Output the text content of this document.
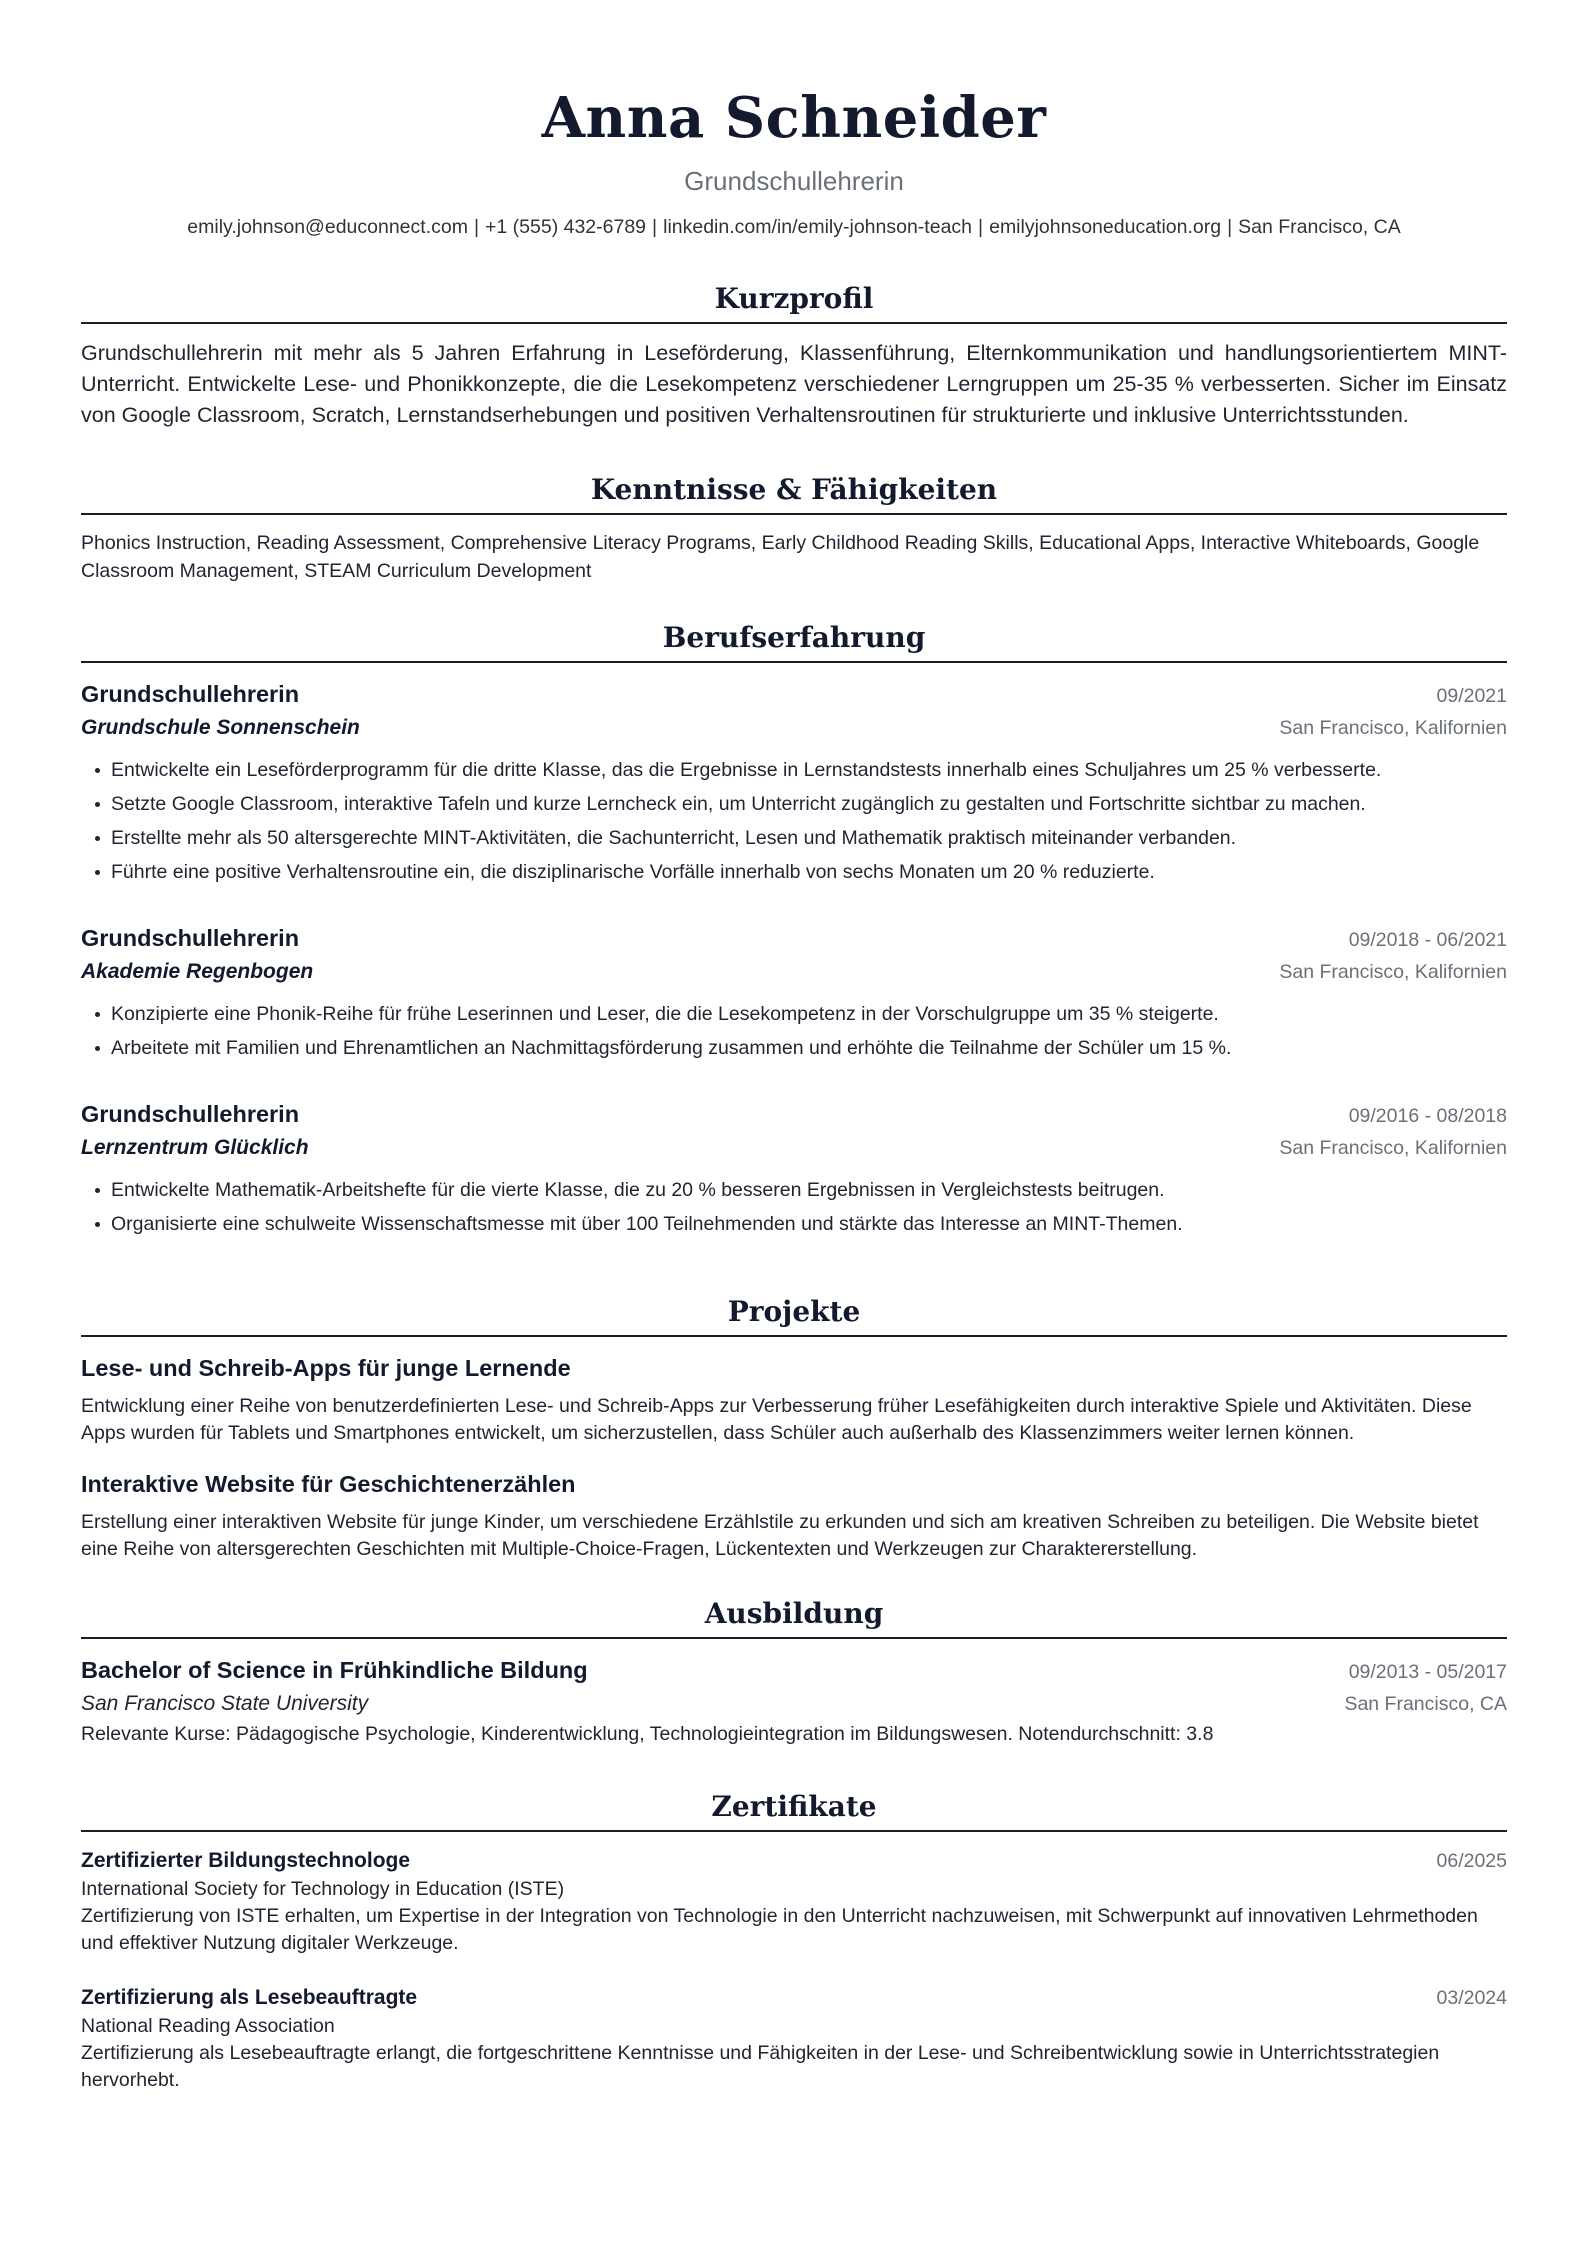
Anna Schneider
Grundschullehrerin
emily.johnson@educonnect.com | +1 (555) 432-6789 | linkedin.com/in/emily-johnson-teach | emilyjohnsoneducation.org | San Francisco, CA
Kurzprofil

Grundschullehrerin mit mehr als 5 Jahren Erfahrung in Leseförderung, Klassenführung, Elternkommunikation und handlungsorientiertem MINT-Unterricht. Entwickelte Lese- und Phonikkonzepte, die die Lesekompetenz verschiedener Lerngruppen um 25-35 % verbesserten. Sicher im Einsatz von Google Classroom, Scratch, Lernstandserhebungen und positiven Verhaltensroutinen für strukturierte und inklusive Unterrichtsstunden.

Kenntnisse & Fähigkeiten

Phonics Instruction, Reading Assessment, Comprehensive Literacy Programs, Early Childhood Reading Skills, Educational Apps, Interactive Whiteboards, Google Classroom Management, STEAM Curriculum Development

Berufserfahrung
Grundschullehrerin	09/2021
Grundschule Sonnenschein	San Francisco, Kalifornien
Entwickelte ein Leseförderprogramm für die dritte Klasse, das die Ergebnisse in Lernstandstests innerhalb eines Schuljahres um 25 % verbesserte.
Setzte Google Classroom, interaktive Tafeln und kurze Lerncheck ein, um Unterricht zugänglich zu gestalten und Fortschritte sichtbar zu machen.
Erstellte mehr als 50 altersgerechte MINT-Aktivitäten, die Sachunterricht, Lesen und Mathematik praktisch miteinander verbanden.
Führte eine positive Verhaltensroutine ein, die disziplinarische Vorfälle innerhalb von sechs Monaten um 20 % reduzierte.
Grundschullehrerin	09/2018 - 06/2021
Akademie Regenbogen	San Francisco, Kalifornien
Konzipierte eine Phonik-Reihe für frühe Leserinnen und Leser, die die Lesekompetenz in der Vorschulgruppe um 35 % steigerte.
Arbeitete mit Familien und Ehrenamtlichen an Nachmittagsförderung zusammen und erhöhte die Teilnahme der Schüler um 15 %.
Grundschullehrerin	09/2016 - 08/2018
Lernzentrum Glücklich	San Francisco, Kalifornien
Entwickelte Mathematik-Arbeitshefte für die vierte Klasse, die zu 20 % besseren Ergebnissen in Vergleichstests beitrugen.
Organisierte eine schulweite Wissenschaftsmesse mit über 100 Teilnehmenden und stärkte das Interesse an MINT-Themen.
Projekte
Lese- und Schreib-Apps für junge Lernende
Entwicklung einer Reihe von benutzerdefinierten Lese- und Schreib-Apps zur Verbesserung früher Lesefähigkeiten durch interaktive Spiele und Aktivitäten. Diese Apps wurden für Tablets und Smartphones entwickelt, um sicherzustellen, dass Schüler auch außerhalb des Klassenzimmers weiter lernen können.
Interaktive Website für Geschichtenerzählen
Erstellung einer interaktiven Website für junge Kinder, um verschiedene Erzählstile zu erkunden und sich am kreativen Schreiben zu beteiligen. Die Website bietet eine Reihe von altersgerechten Geschichten mit Multiple-Choice-Fragen, Lückentexten und Werkzeugen zur Charaktererstellung.
Ausbildung
Bachelor of Science in Frühkindliche Bildung	09/2013 - 05/2017
San Francisco State University	San Francisco, CA
Relevante Kurse: Pädagogische Psychologie, Kinderentwicklung, Technologieintegration im Bildungswesen. Notendurchschnitt: 3.8
Zertifikate
Zertifizierter Bildungstechnologe	06/2025
International Society for Technology in Education (ISTE)
Zertifizierung von ISTE erhalten, um Expertise in der Integration von Technologie in den Unterricht nachzuweisen, mit Schwerpunkt auf innovativen Lehrmethoden und effektiver Nutzung digitaler Werkzeuge.
Zertifizierung als Lesebeauftragte	03/2024
National Reading Association
Zertifizierung als Lesebeauftragte erlangt, die fortgeschrittene Kenntnisse und Fähigkeiten in der Lese- und Schreibentwicklung sowie in Unterrichtsstrategien hervorhebt.
